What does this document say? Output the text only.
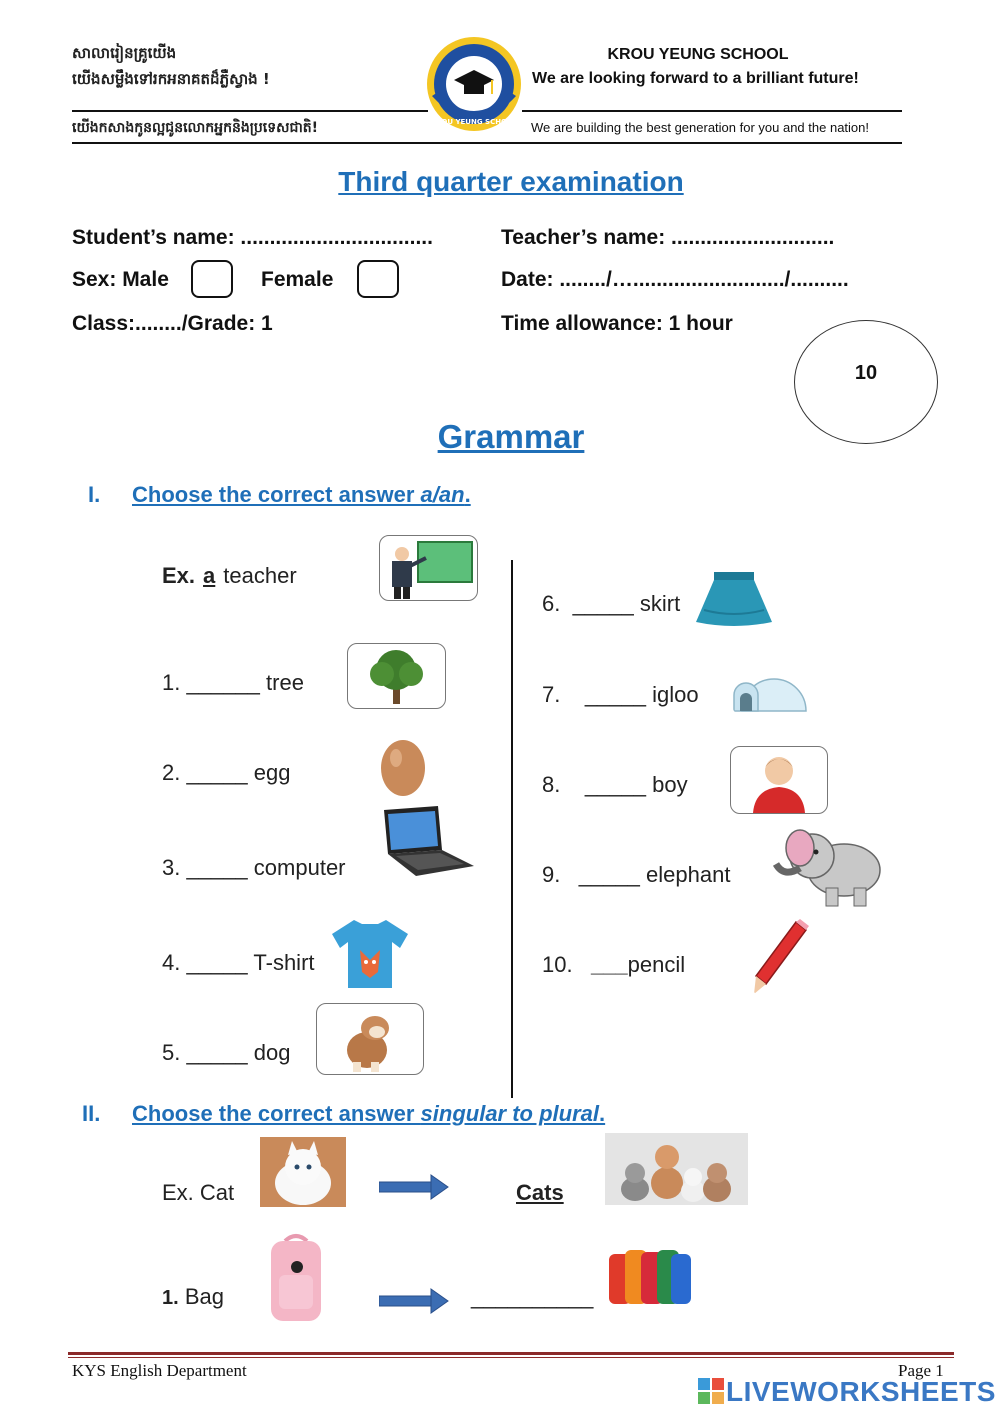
សាលារៀនគ្រូយើង
យើងសម្លឹងទៅរកអនាគតដ៏ភ្លឺស្វាង !
KROU YEUNG SCHOOL
KROU YEUNG SCHOOL
We are looking forward to a brilliant future!
យើងកសាងកូនល្អជូនលោកអ្នកនិងប្រទេសជាតិ!	We are building the best generation for you and the nation!
Third quarter examination
Student’s name: .................................	Teacher’s name: ............................
Sex: Male	Female	Date: ......../…........................../..........
Class:......../Grade: 1	Time allowance: 1 hour
10
Grammar
I. Choose the correct answer a/an.
Ex. a teacher
1. ______ tree
2. _____ egg
3. _____ computer
4. _____ T-shirt
5. _____ dog
6. _____ skirt
7. _____ igloo
8. _____ boy
9. _____ elephant
10. ___pencil
II. Choose the correct answer singular to plural.
Ex. Cat	Cats
1. Bag	__________
KYS English Department	Page 1
LIVEWORKSHEETS
